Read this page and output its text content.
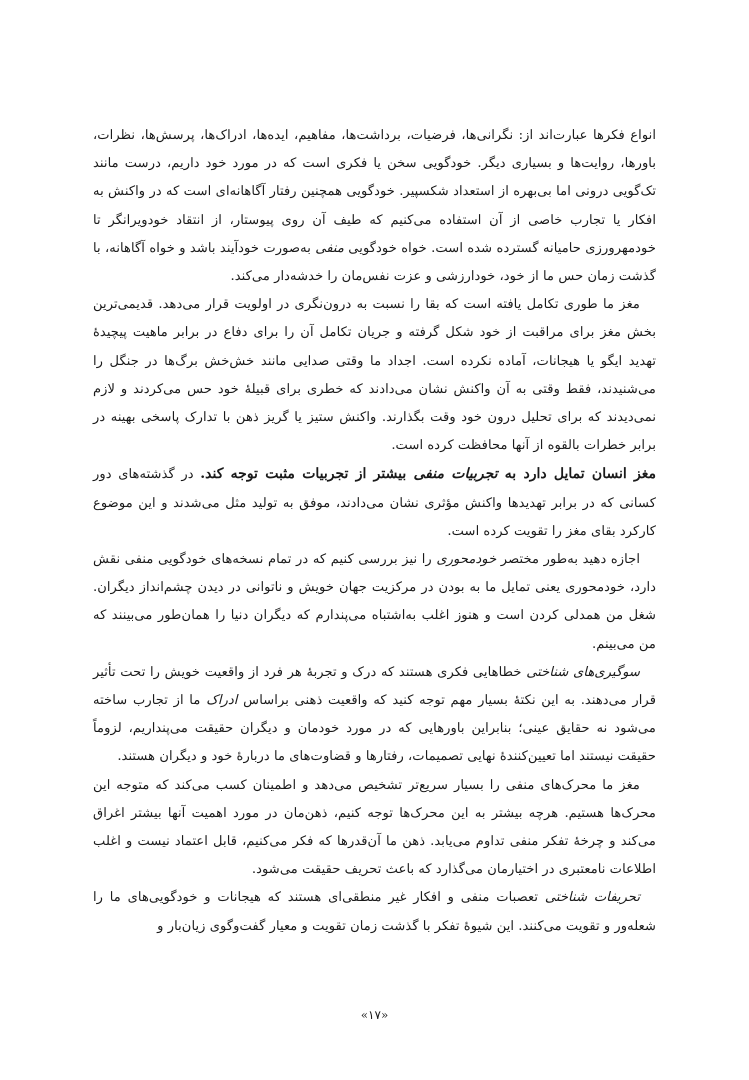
انواع فکرها عبارت‌اند از: نگرانی‌ها، فرضیات، برداشت‌ها، مفاهیم، ایده‌ها، ادراک‌ها، پرسش‌ها، نظرات، باورها، روایت‌ها و بسیاری دیگر. خودگویی سخن یا فکری است که در مورد خود داریم، درست مانند تک‌گویی درونی اما بی‌بهره از استعداد شکسپیر. خودگویی همچنین رفتار آگاهانه‌ای است که در واکنش به افکار یا تجارب خاصی از آن استفاده می‌کنیم که طیف آن روی پیوستار، از انتقاد خودویرانگر تا خودمهرورزی حامیانه گسترده شده است. خواه خودگویی منفی به‌صورت خودآیند باشد و خواه آگاهانه، با گذشت زمان حس ما از خود، خودارزشی و عزت نفس‌مان را خدشه‌دار می‌کند.

مغز ما طوری تکامل یافته است که بقا را نسبت به درون‌نگری در اولویت قرار می‌دهد. قدیمی‌ترین بخش مغز برای مراقبت از خود شکل گرفته و جریان تکامل آن را برای دفاع در برابر ماهیت پیچیدهٔ تهدید ایگو یا هیجانات، آماده نکرده است. اجداد ما وقتی صدایی مانند خش‌خش برگ‌ها در جنگل را می‌شنیدند، فقط وقتی به آن واکنش نشان می‌دادند که خطری برای قبیلهٔ خود حس می‌کردند و لازم نمی‌دیدند که برای تحلیل درون خود وقت بگذارند. واکنش ستیز یا گریز ذهن با تدارک پاسخی بهینه در برابر خطرات بالقوه از آنها محافظت کرده است.

مغز انسان تمایل دارد به تجربیات منفی بیشتر از تجربیات مثبت توجه کند. در گذشته‌های دور کسانی که در برابر تهدیدها واکنش مؤثری نشان می‌دادند، موفق به تولید مثل می‌شدند و این موضوع کارکرد بقای مغز را تقویت کرده است.

اجازه دهید به‌طور مختصر خودمحوری را نیز بررسی کنیم که در تمام نسخه‌های خودگویی منفی نقش دارد، خودمحوری یعنی تمایل ما به بودن در مرکزیت جهان خویش و ناتوانی در دیدن چشم‌انداز دیگران. شغل من همدلی کردن است و هنوز اغلب به‌اشتباه می‌پندارم که دیگران دنیا را همان‌طور می‌بینند که من می‌بینم.

سوگیری‌های شناختی خطاهایی فکری هستند که درک و تجربهٔ هر فرد از واقعیت خویش را تحت تأثیر قرار می‌دهند. به این نکتهٔ بسیار مهم توجه کنید که واقعیت ذهنی براساس ادراک ما از تجارب ساخته می‌شود نه حقایق عینی؛ بنابراین باورهایی که در مورد خودمان و دیگران حقیقت می‌پنداریم، لزوماً حقیقت نیستند اما تعیین‌کنندهٔ نهایی تصمیمات، رفتارها و قضاوت‌های ما دربارهٔ خود و دیگران هستند.

مغز ما محرک‌های منفی را بسیار سریع‌تر تشخیص می‌دهد و اطمینان کسب می‌کند که متوجه این محرک‌ها هستیم. هرچه بیشتر به این محرک‌ها توجه کنیم، ذهن‌مان در مورد اهمیت آنها بیشتر اغراق می‌کند و چرخهٔ تفکر منفی تداوم می‌یابد. ذهن ما آن‌قدرها که فکر می‌کنیم، قابل اعتماد نیست و اغلب اطلاعات نامعتبری در اختیارمان می‌گذارد که باعث تحریف حقیقت می‌شود.

تحریفات شناختی تعصبات منفی و افکار غیر منطقی‌ای هستند که هیجانات و خودگویی‌های ما را شعله‌ور و تقویت می‌کنند. این شیوهٔ تفکر با گذشت زمان تقویت و معیار گفت‌وگوی زیان‌بار و

«۱۷»
